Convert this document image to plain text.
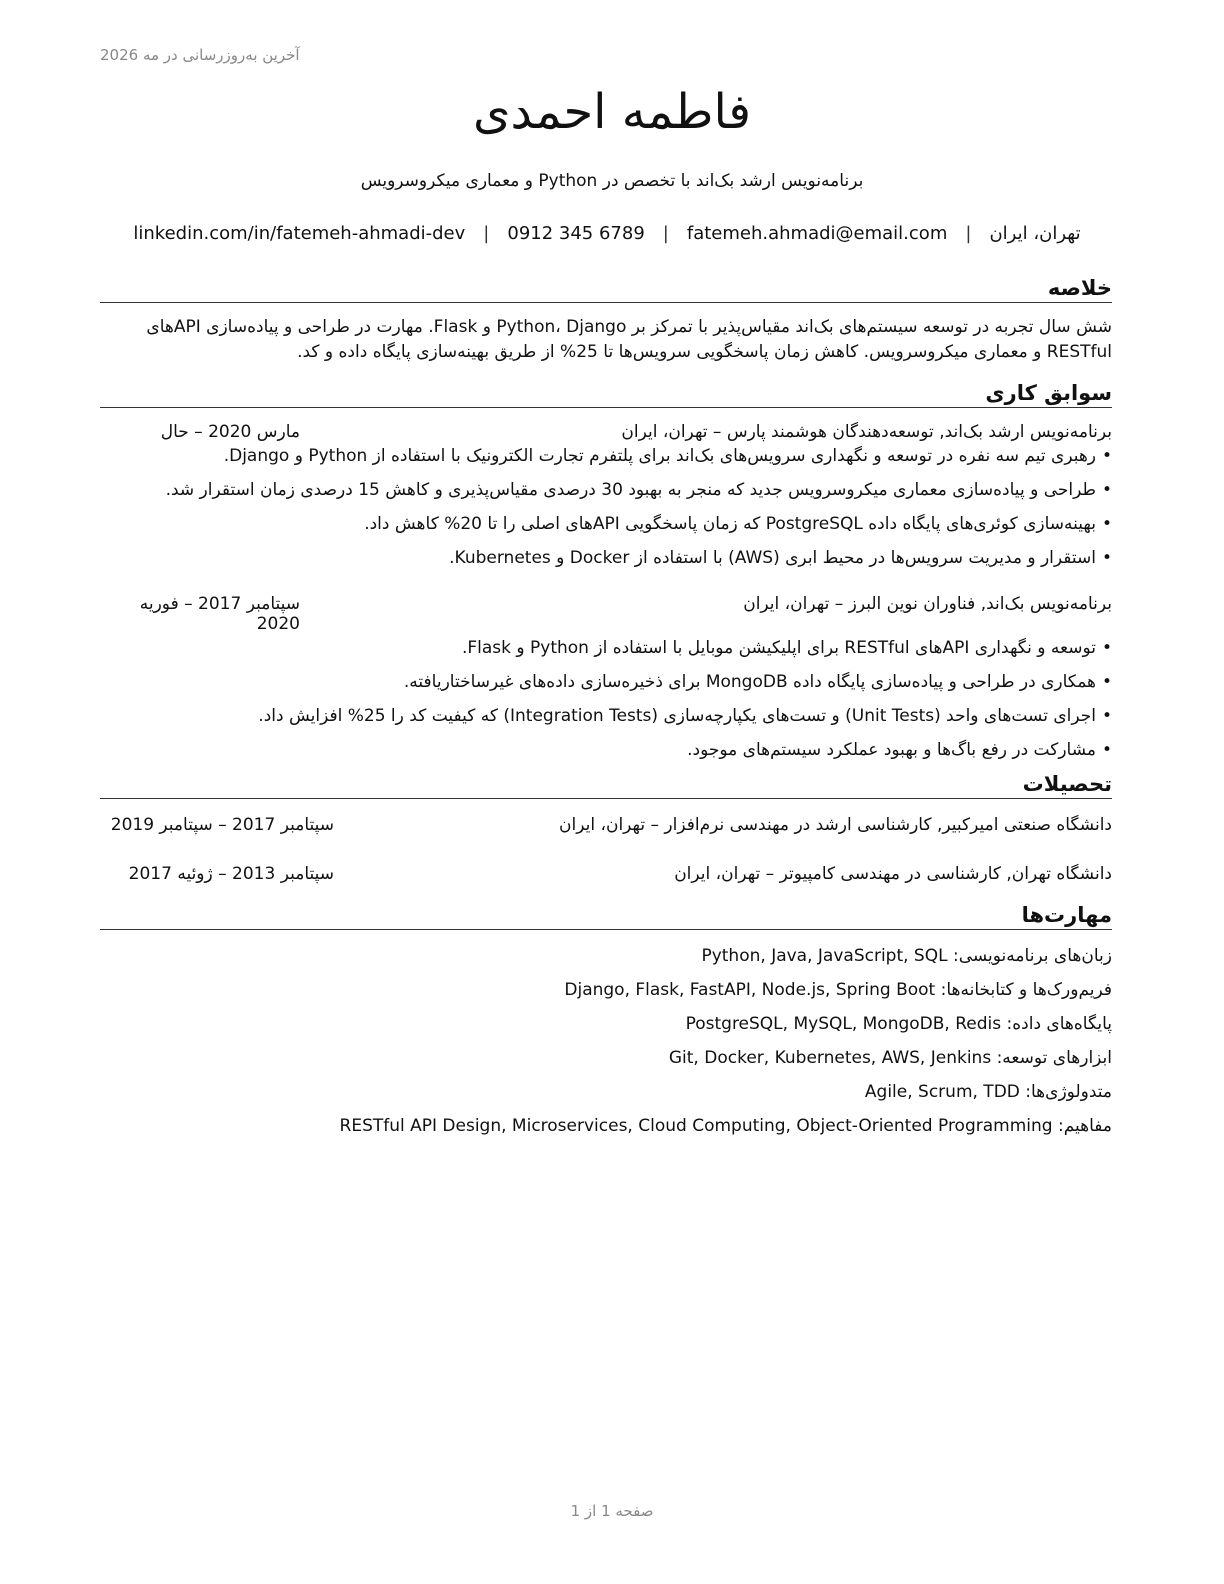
آخرین به‌روزرسانی در مه 2026
فاطمه احمدی
برنامه‌نویس ارشد بک‌اند با تخصص در Python و معماری میکروسرویس
تهران، ایران
|
fatemeh.ahmadi@email.com
|
0912 345 6789
|
linkedin.com/in/fatemeh-ahmadi-dev
خلاصه

شش سال تجربه در توسعه سیستم‌های بک‌اند مقیاس‌پذیر با تمرکز بر Python، Django و Flask. مهارت در طراحی و پیاده‌سازی APIهای RESTful و معماری میکروسرویس. کاهش زمان پاسخگویی سرویس‌ها تا 25% از طریق بهینه‌سازی پایگاه داده و کد.

سوابق کاری
برنامه‌نویس ارشد بک‌اند, توسعه‌دهندگان هوشمند پارس – تهران، ایران
مارس 2020 – حال
• رهبری تیم سه نفره در توسعه و نگهداری سرویس‌های بک‌اند برای پلتفرم تجارت الکترونیک با استفاده از Python و Django.
• طراحی و پیاده‌سازی معماری میکروسرویس جدید که منجر به بهبود 30 درصدی مقیاس‌پذیری و کاهش 15 درصدی زمان استقرار شد.
• بهینه‌سازی کوئری‌های پایگاه داده PostgreSQL که زمان پاسخگویی APIهای اصلی را تا 20% کاهش داد.
• استقرار و مدیریت سرویس‌ها در محیط ابری (AWS) با استفاده از Docker و Kubernetes.
برنامه‌نویس بک‌اند, فناوران نوین البرز – تهران، ایران
سپتامبر 2017 – فوریه 2020
• توسعه و نگهداری APIهای RESTful برای اپلیکیشن موبایل با استفاده از Python و Flask.
• همکاری در طراحی و پیاده‌سازی پایگاه داده MongoDB برای ذخیره‌سازی داده‌های غیرساختاریافته.
• اجرای تست‌های واحد (Unit Tests) و تست‌های یکپارچه‌سازی (Integration Tests) که کیفیت کد را 25% افزایش داد.
• مشارکت در رفع باگ‌ها و بهبود عملکرد سیستم‌های موجود.
تحصیلات
دانشگاه صنعتی امیرکبیر, کارشناسی ارشد در مهندسی نرم‌افزار – تهران، ایران
سپتامبر 2017 – سپتامبر 2019
دانشگاه تهران, کارشناسی در مهندسی کامپیوتر – تهران، ایران
سپتامبر 2013 – ژوئیه 2017
مهارت‌ها
زبان‌های برنامه‌نویسی: Python, Java, JavaScript, SQL
فریم‌ورک‌ها و کتابخانه‌ها: Django, Flask, FastAPI, Node.js, Spring Boot
پایگاه‌های داده: PostgreSQL, MySQL, MongoDB, Redis
ابزارهای توسعه: Git, Docker, Kubernetes, AWS, Jenkins
متدولوژی‌ها: Agile, Scrum, TDD
مفاهیم: RESTful API Design, Microservices, Cloud Computing, Object-Oriented Programming
صفحه 1 از 1
